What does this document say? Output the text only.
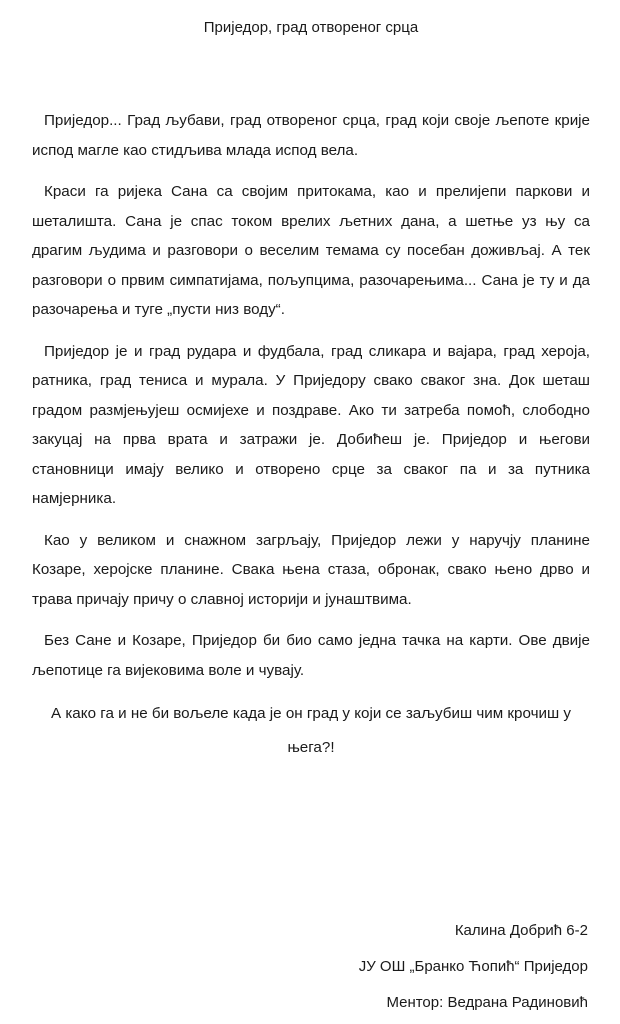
Приједор, град отвореног срца

Приједор... Град љубави, град отвореног срца, град који своје љепоте крије испод магле као стидљива млада испод вела.

Краси га ријека Сана са својим притокама, као и прелијепи паркови и шеталишта. Сана је спас током врелих љетних дана, а шетње уз њу са драгим људима и разговори о веселим темама су посебан доживљај. А тек разговори о првим симпатијама, пољупцима, разочарењима... Сана је ту и да разочарења и туге „пусти низ воду“.

Приједор је и град рудара и фудбала, град сликара и вајара, град хероја, ратника, град тениса и мурала. У Приједору свако сваког зна. Док шеташ градом размјењујеш осмијехе и поздраве. Ако ти затреба помоћ, слободно закуцај на прва врата и затражи је. Добићеш је. Приједор и његови становници имају велико и отворено срце за сваког па и за путника намјерника.

Као у великом и снажном загрљају, Приједор лежи у наручју планине Козаре, херојске планине. Свака њена стаза, обронак, свако њено дрво и трава причају причу о славној историји и јунаштвима.

Без Сане и Козаре, Приједор би био само једна тачка на карти. Ове двије љепотице га вијековима воле и чувају.

А како га и не би вољеле када је он град у који се заљубиш чим крочиш у њега?!

Калина Добрић 6-2
ЈУ ОШ „Бранко Ћопић“ Приједор
Ментор: Ведрана Радиновић
